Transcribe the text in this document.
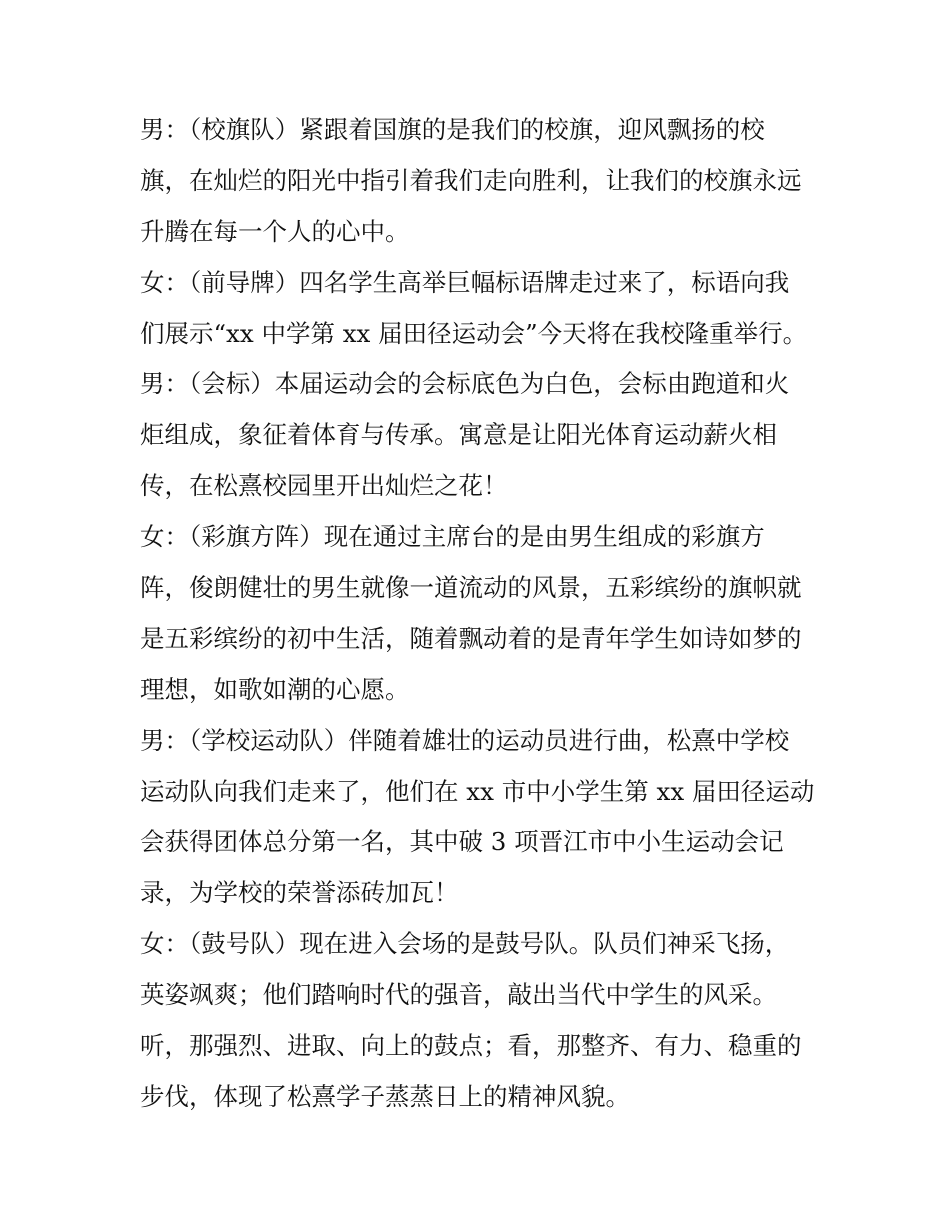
男：（校旗队）紧跟着国旗的是我们的校旗，迎风飘扬的校
旗，在灿烂的阳光中指引着我们走向胜利，让我们的校旗永远
升腾在每一个人的心中。
女：（前导牌）四名学生高举巨幅标语牌走过来了，标语向我
们展示“xx 中学第 xx 届田径运动会”今天将在我校隆重举行。
男：（会标）本届运动会的会标底色为白色，会标由跑道和火
炬组成，象征着体育与传承。寓意是让阳光体育运动薪火相
传，在松熹校园里开出灿烂之花！
女：（彩旗方阵）现在通过主席台的是由男生组成的彩旗方
阵，俊朗健壮的男生就像一道流动的风景，五彩缤纷的旗帜就
是五彩缤纷的初中生活，随着飘动着的是青年学生如诗如梦的
理想，如歌如潮的心愿。
男：（学校运动队）伴随着雄壮的运动员进行曲，松熹中学校
运动队向我们走来了，他们在 xx 市中小学生第 xx 届田径运动
会获得团体总分第一名，其中破 3 项晋江市中小生运动会记
录，为学校的荣誉添砖加瓦！
女：（鼓号队）现在进入会场的是鼓号队。队员们神采飞扬，
英姿飒爽；他们踏响时代的强音，敲出当代中学生的风采。
听，那强烈、进取、向上的鼓点；看，那整齐、有力、稳重的
步伐，体现了松熹学子蒸蒸日上的精神风貌。
